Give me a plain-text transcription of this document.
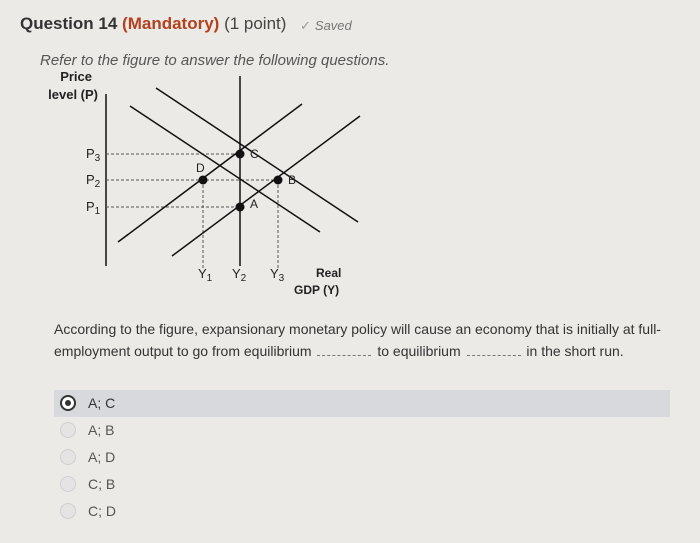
Question 14 (Mandatory) (1 point) ✓ Saved
Refer to the figure to answer the following questions.
Price
level (P)
C
D
B
A
$P_3$
$P_2$
$P_1$
$Y_1$ $Y_2$ $Y_3$	Real
GDP (Y)
According to the figure, expansionary monetary policy will cause an economy that is initially at full-employment output to go from equilibrium	to equilibrium	in the short run.
A; C
A; B
A; D
C; B
C; D
